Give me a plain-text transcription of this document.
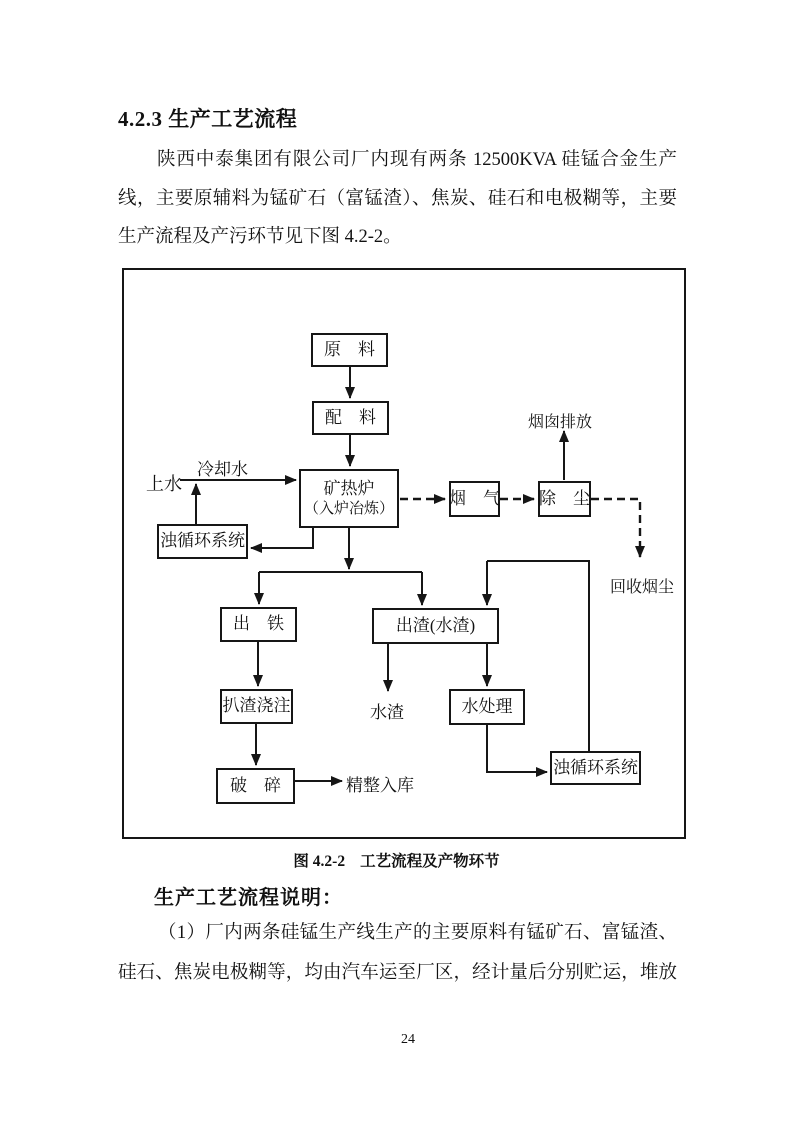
4.2.3 生产工艺流程
陕西中泰集团有限公司厂内现有两条 12500KVA 硅锰合金生产
线，主要原辅料为锰矿石（富锰渣）、焦炭、硅石和电极糊等，主要
生产流程及产污环节见下图 4.2-2。
原　料
配　料
矿热炉
（入炉冶炼）
烟　气 除　尘
出　铁	出渣(水渣)
扒渣浇注
破　碎
水处理
浊循环系统
浊循环系统
上水
冷却水
烟囱排放
回收烟尘
水渣
精整入库
图 4.2-2 工艺流程及产物环节
生产工艺流程说明：
（1）厂内两条硅锰生产线生产的主要原料有锰矿石、富锰渣、
硅石、焦炭电极糊等，均由汽车运至厂区，经计量后分别贮运，堆放
24
